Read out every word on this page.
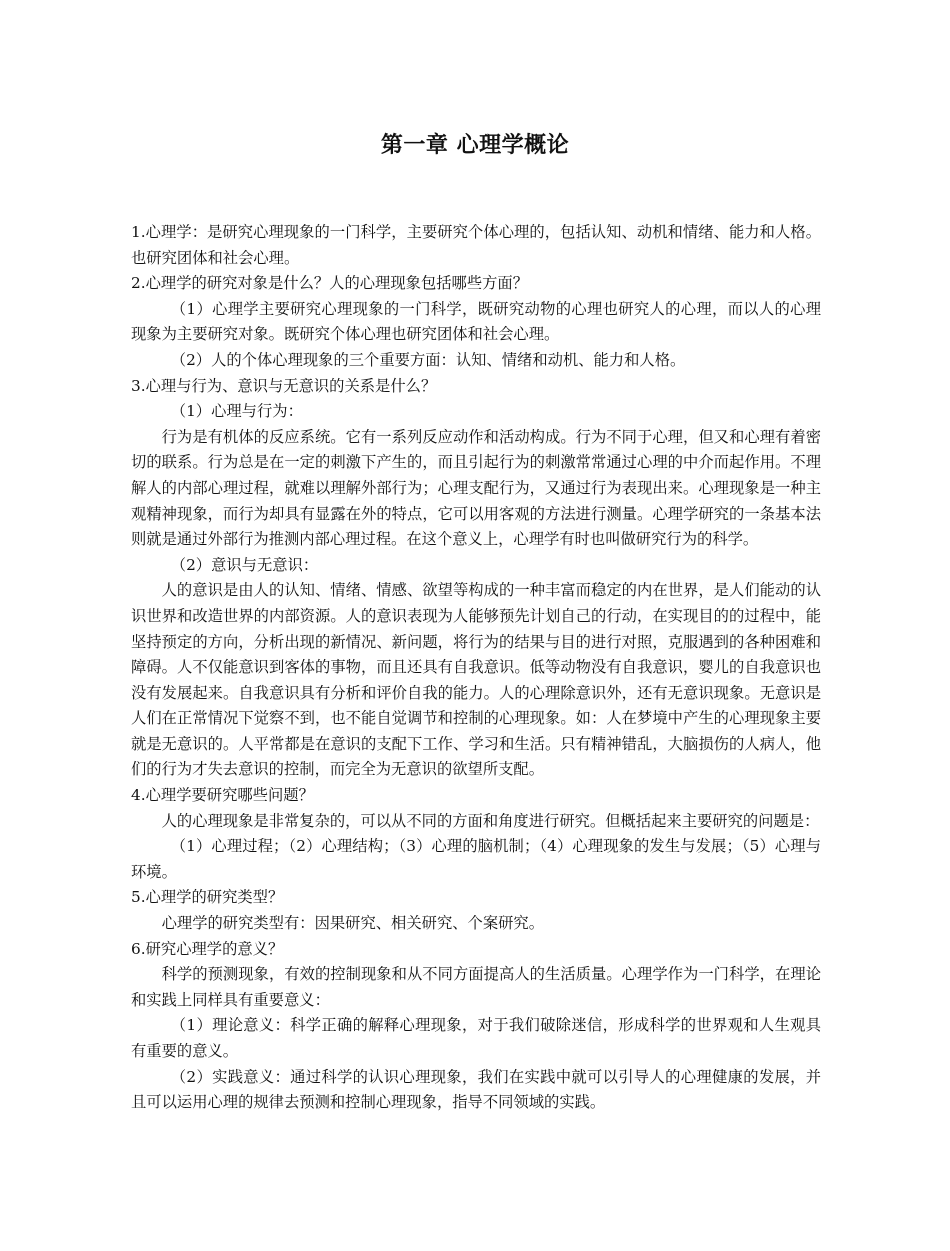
第一章 心理学概论

1.心理学：是研究心理现象的一门科学，主要研究个体心理的，包括认知、动机和情绪、能力和人格。也研究团体和社会心理。

2.心理学的研究对象是什么？人的心理现象包括哪些方面？

（1）心理学主要研究心理现象的一门科学，既研究动物的心理也研究人的心理，而以人的心理现象为主要研究对象。既研究个体心理也研究团体和社会心理。

（2）人的个体心理现象的三个重要方面：认知、情绪和动机、能力和人格。

3.心理与行为、意识与无意识的关系是什么？

（1）心理与行为：

行为是有机体的反应系统。它有一系列反应动作和活动构成。行为不同于心理，但又和心理有着密切的联系。行为总是在一定的刺激下产生的，而且引起行为的刺激常常通过心理的中介而起作用。不理解人的内部心理过程，就难以理解外部行为；心理支配行为，又通过行为表现出来。心理现象是一种主观精神现象，而行为却具有显露在外的特点，它可以用客观的方法进行测量。心理学研究的一条基本法则就是通过外部行为推测内部心理过程。在这个意义上，心理学有时也叫做研究行为的科学。

（2）意识与无意识：

人的意识是由人的认知、情绪、情感、欲望等构成的一种丰富而稳定的内在世界，是人们能动的认识世界和改造世界的内部资源。人的意识表现为人能够预先计划自己的行动，在实现目的的过程中，能坚持预定的方向，分析出现的新情况、新问题，将行为的结果与目的进行对照，克服遇到的各种困难和障碍。人不仅能意识到客体的事物，而且还具有自我意识。低等动物没有自我意识，婴儿的自我意识也没有发展起来。自我意识具有分析和评价自我的能力。人的心理除意识外，还有无意识现象。无意识是人们在正常情况下觉察不到，也不能自觉调节和控制的心理现象。如：人在梦境中产生的心理现象主要就是无意识的。人平常都是在意识的支配下工作、学习和生活。只有精神错乱，大脑损伤的人病人，他们的行为才失去意识的控制，而完全为无意识的欲望所支配。

4.心理学要研究哪些问题？

人的心理现象是非常复杂的，可以从不同的方面和角度进行研究。但概括起来主要研究的问题是：

（1）心理过程；（2）心理结构；（3）心理的脑机制；（4）心理现象的发生与发展；（5）心理与环境。

5.心理学的研究类型？

心理学的研究类型有：因果研究、相关研究、个案研究。

6.研究心理学的意义？

科学的预测现象，有效的控制现象和从不同方面提高人的生活质量。心理学作为一门科学，在理论和实践上同样具有重要意义：

（1）理论意义：科学正确的解释心理现象，对于我们破除迷信，形成科学的世界观和人生观具有重要的意义。

（2）实践意义：通过科学的认识心理现象，我们在实践中就可以引导人的心理健康的发展，并且可以运用心理的规律去预测和控制心理现象，指导不同领域的实践。
